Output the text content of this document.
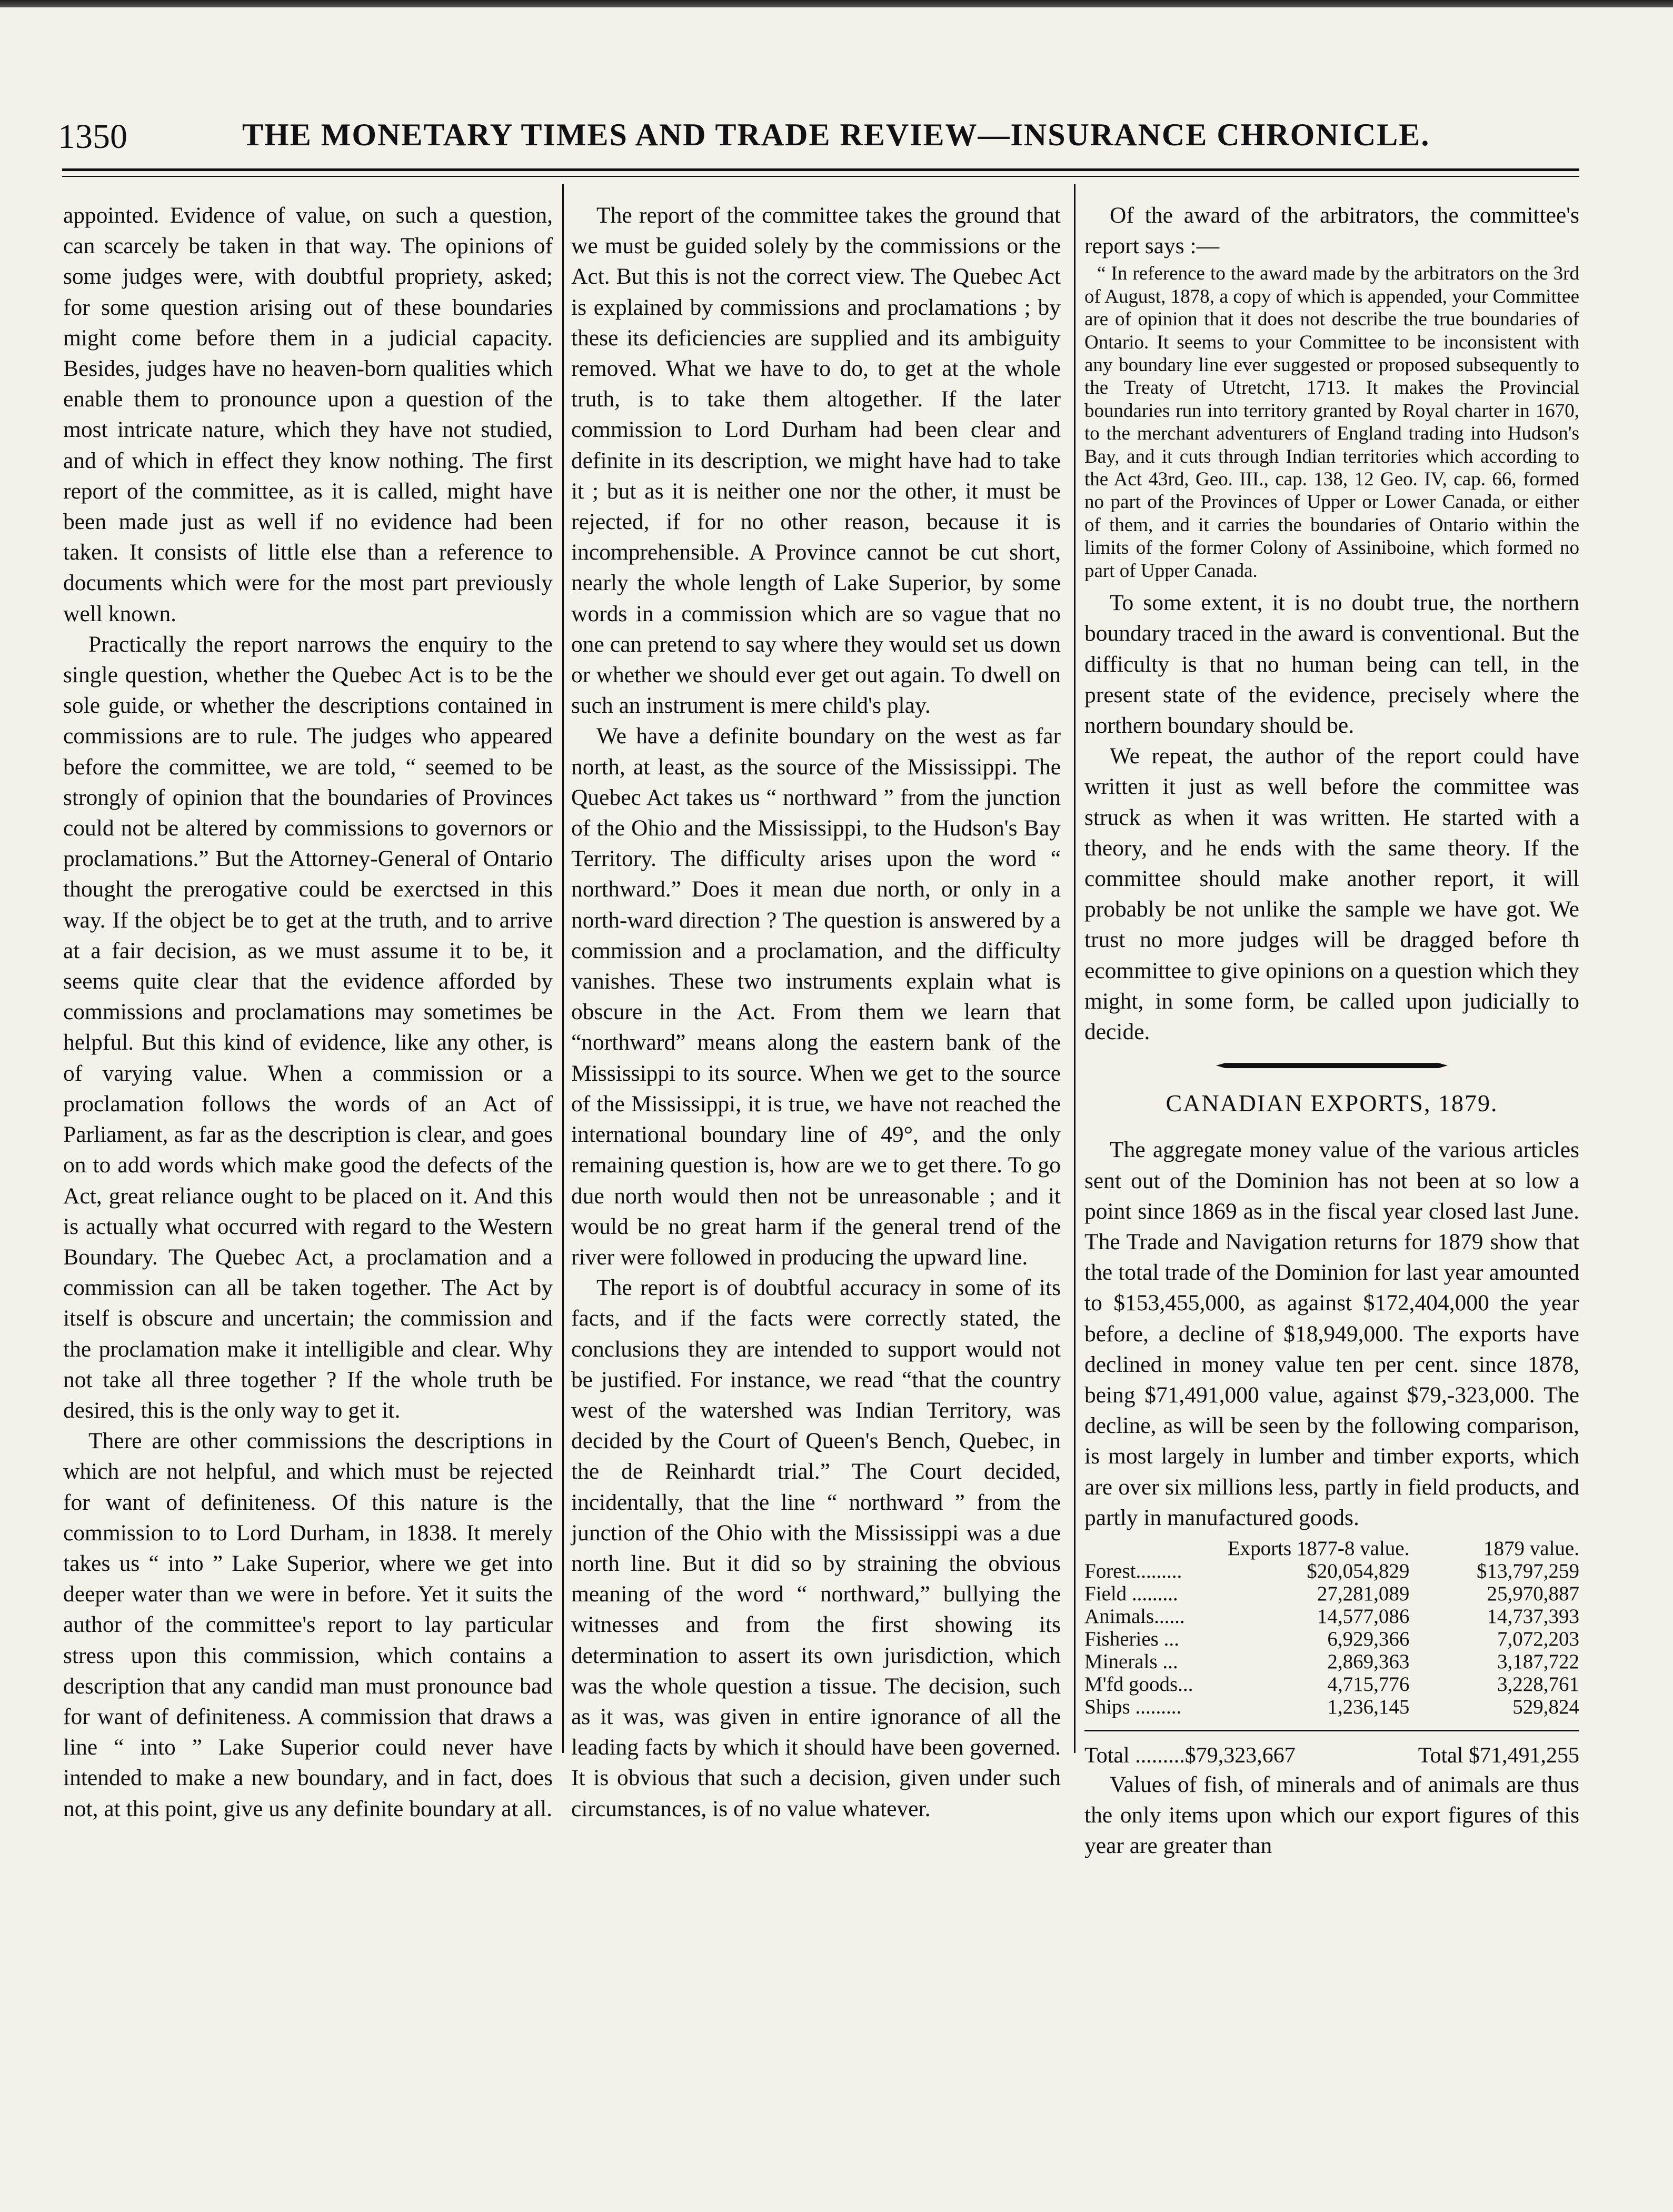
1350	THE MONETARY TIMES AND TRADE REVIEW—INSURANCE CHRONICLE.

appointed. Evidence of value, on such a question, can scarcely be taken in that way. The opinions of some judges were, with doubtful propriety, asked; for some question arising out of these boundaries might come before them in a judicial capacity. Besides, judges have no heaven-born qualities which enable them to pronounce upon a question of the most intricate nature, which they have not studied, and of which in effect they know nothing. The first report of the committee, as it is called, might have been made just as well if no evidence had been taken. It consists of little else than a reference to documents which were for the most part previously well known.

Practically the report narrows the enquiry to the single question, whether the Quebec Act is to be the sole guide, or whether the descriptions contained in commissions are to rule. The judges who appeared before the committee, we are told, “ seemed to be strongly of opinion that the boundaries of Provinces could not be altered by commissions to governors or proclamations.” But the Attorney-General of Ontario thought the prerogative could be exerctsed in this way. If the object be to get at the truth, and to arrive at a fair decision, as we must assume it to be, it seems quite clear that the evidence afforded by commissions and proclamations may sometimes be helpful. But this kind of evidence, like any other, is of varying value. When a commission or a proclamation follows the words of an Act of Parliament, as far as the description is clear, and goes on to add words which make good the defects of the Act, great reliance ought to be placed on it. And this is actually what occurred with regard to the Western Boundary. The Quebec Act, a proclamation and a commission can all be taken together. The Act by itself is obscure and uncertain; the commission and the proclamation make it intelligible and clear. Why not take all three together ? If the whole truth be desired, this is the only way to get it.

There are other commissions the descriptions in which are not helpful, and which must be rejected for want of definiteness. Of this nature is the commission to to Lord Durham, in 1838. It merely takes us “ into ” Lake Superior, where we get into deeper water than we were in before. Yet it suits the author of the committee's report to lay particular stress upon this commission, which contains a description that any candid man must pronounce bad for want of definiteness. A commission that draws a line “ into ” Lake Superior could never have intended to make a new boundary, and in fact, does not, at this point, give us any definite boundary at all.

The report of the committee takes the ground that we must be guided solely by the commissions or the Act. But this is not the correct view. The Quebec Act is explained by commissions and proclamations ; by these its deficiencies are supplied and its ambiguity removed. What we have to do, to get at the whole truth, is to take them altogether. If the later commission to Lord Durham had been clear and definite in its description, we might have had to take it ; but as it is neither one nor the other, it must be rejected, if for no other reason, because it is incomprehensible. A Province cannot be cut short, nearly the whole length of Lake Superior, by some words in a commission which are so vague that no one can pretend to say where they would set us down or whether we should ever get out again. To dwell on such an instrument is mere child's play.

We have a definite boundary on the west as far north, at least, as the source of the Mississippi. The Quebec Act takes us “ northward ” from the junction of the Ohio and the Mississippi, to the Hudson's Bay Territory. The difficulty arises upon the word “ northward.” Does it mean due north, or only in a north-ward direction ? The question is answered by a commission and a proclamation, and the difficulty vanishes. These two instruments explain what is obscure in the Act. From them we learn that “northward” means along the eastern bank of the Mississippi to its source. When we get to the source of the Mississippi, it is true, we have not reached the international boundary line of 49°, and the only remaining question is, how are we to get there. To go due north would then not be unreasonable ; and it would be no great harm if the general trend of the river were followed in producing the upward line.

The report is of doubtful accuracy in some of its facts, and if the facts were correctly stated, the conclusions they are intended to support would not be justified. For instance, we read “that the country west of the watershed was Indian Territory, was decided by the Court of Queen's Bench, Quebec, in the de Reinhardt trial.” The Court decided, incidentally, that the line “ northward ” from the junction of the Ohio with the Mississippi was a due north line. But it did so by straining the obvious meaning of the word “ northward,” bullying the witnesses and from the first showing its determination to assert its own jurisdiction, which was the whole question a tissue. The decision, such as it was, was given in entire ignorance of all the leading facts by which it should have been governed. It is obvious that such a decision, given under such circumstances, is of no value whatever.

Of the award of the arbitrators, the committee's report says :—

“ In reference to the award made by the arbitrators on the 3rd of August, 1878, a copy of which is appended, your Committee are of opinion that it does not describe the true boundaries of Ontario. It seems to your Committee to be inconsistent with any boundary line ever suggested or proposed subsequently to the Treaty of Utretcht, 1713. It makes the Provincial boundaries run into territory granted by Royal charter in 1670, to the merchant adventurers of England trading into Hudson's Bay, and it cuts through Indian territories which according to the Act 43rd, Geo. III., cap. 138, 12 Geo. IV, cap. 66, formed no part of the Provinces of Upper or Lower Canada, or either of them, and it carries the boundaries of Ontario within the limits of the former Colony of Assiniboine, which formed no part of Upper Canada.

To some extent, it is no doubt true, the northern boundary traced in the award is conventional. But the difficulty is that no human being can tell, in the present state of the evidence, precisely where the northern boundary should be.

We repeat, the author of the report could have written it just as well before the committee was struck as when it was written. He started with a theory, and he ends with the same theory. If the committee should make another report, it will probably be not unlike the sample we have got. We trust no more judges will be dragged before th ecommittee to give opinions on a question which they might, in some form, be called upon judicially to decide.

CANADIAN EXPORTS, 1879.

The aggregate money value of the various articles sent out of the Dominion has not been at so low a point since 1869 as in the fiscal year closed last June. The Trade and Navigation returns for 1879 show that the total trade of the Dominion for last year amounted to $153,455,000, as against $172,404,000 the year before, a decline of $18,949,000. The exports have declined in money value ten per cent. since 1878, being $71,491,000 value, against $79,-323,000. The decline, as will be seen by the following comparison, is most largely in lumber and timber exports, which are over six millions less, partly in field products, and partly in manufactured goods.

Exports 1877-8 value.		1879 value.
Forest.........	$20,054,829	$13,797,259
Field .........	27,281,089	25,970,887
Animals......	14,577,086	14,737,393
Fisheries ...	6,929,366	7,072,203
Minerals ...	2,869,363	3,187,722
M'fd goods...	4,715,776	3,228,761
Ships .........	1,236,145	529,824
Total .........$79,323,667	Total $71,491,255

Values of fish, of minerals and of animals are thus the only items upon which our export figures of this year are greater than
